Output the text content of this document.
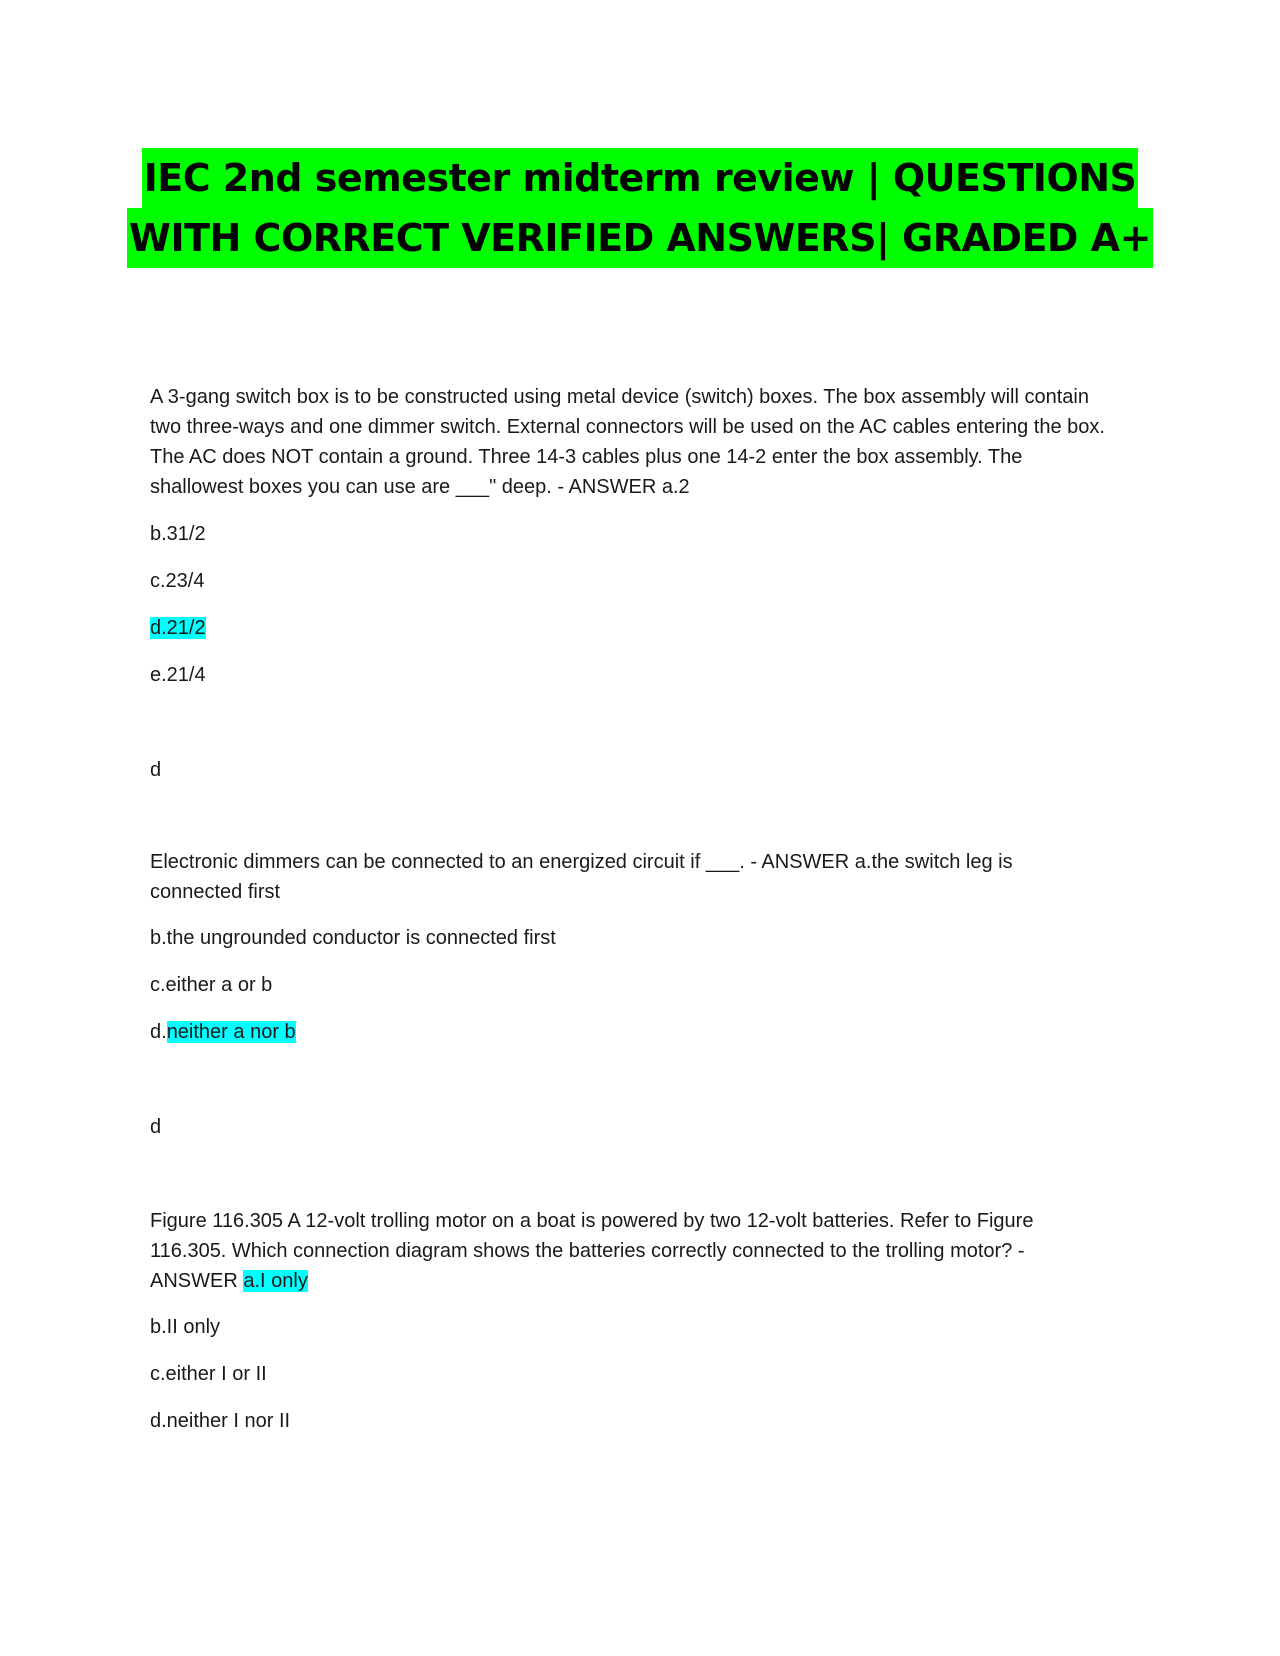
IEC 2nd semester midterm review | QUESTIONS
WITH CORRECT VERIFIED ANSWERS| GRADED A+

A 3-gang switch box is to be constructed using metal device (switch) boxes. The box assembly will contain two three-ways and one dimmer switch. External connectors will be used on the AC cables entering the box. The AC does NOT contain a ground. Three 14-3 cables plus one 14-2 enter the box assembly. The shallowest boxes you can use are ___" deep. - ANSWER a.2

b.31/2

c.23/4

d.21/2

e.21/4

d

Electronic dimmers can be connected to an energized circuit if ___. - ANSWER a.the switch leg is connected first

b.the ungrounded conductor is connected first

c.either a or b

d.neither a nor b

d

Figure 116.305 A 12-volt trolling motor on a boat is powered by two 12-volt batteries. Refer to Figure 116.305. Which connection diagram shows the batteries correctly connected to the trolling motor? - ANSWER a.I only

b.II only

c.either I or II

d.neither I nor II
